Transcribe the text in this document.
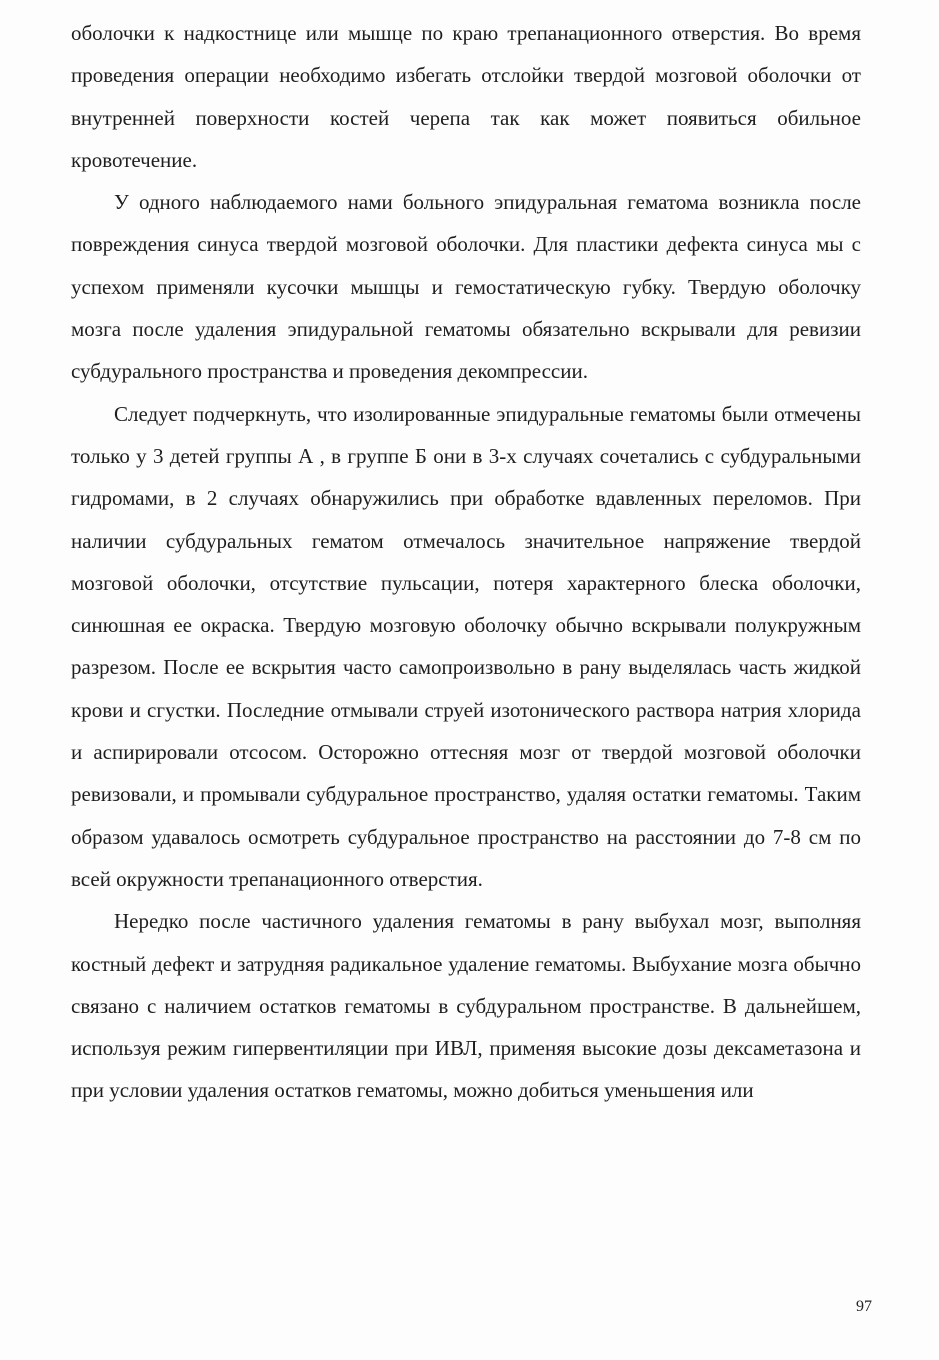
оболочки к надкостнице или мышце по краю трепанационного отверстия. Во время проведения операции необходимо избегать отслойки твердой мозговой оболочки от внутренней поверхности костей черепа так как может появиться обильное кровотечение.

У одного наблюдаемого нами больного эпидуральная гематома возникла после повреждения синуса твердой мозговой оболочки. Для пластики дефекта синуса мы с успехом применяли кусочки мышцы и гемостатическую губку. Твердую оболочку мозга после удаления эпидуральной гематомы обязательно вскрывали для ревизии субдурального пространства и проведения декомпрессии.

Следует подчеркнуть, что изолированные эпидуральные гематомы были отмечены только у 3 детей группы А , в группе Б они в 3-х случаях сочетались с субдуральными гидромами, в 2 случаях обнаружились при обработке вдавленных переломов. При наличии субдуральных гематом отмечалось значительное напряжение твердой мозговой оболочки, отсутствие пульсации, потеря характерного блеска оболочки, синюшная ее окраска. Твердую мозговую оболочку обычно вскрывали полукружным разрезом. После ее вскрытия часто самопроизвольно в рану выделялась часть жидкой крови и сгустки. Последние отмывали струей изотонического раствора натрия хлорида и аспирировали отсосом. Осторожно оттесняя мозг от твердой мозговой оболочки ревизовали, и промывали субдуральное пространство, удаляя остатки гематомы. Таким образом удавалось осмотреть субдуральное пространство на расстоянии до 7-8 см по всей окружности трепанационного отверстия.

Нередко после частичного удаления гематомы в рану выбухал мозг, выполняя костный дефект и затрудняя радикальное удаление гематомы. Выбухание мозга обычно связано с наличием остатков гематомы в субдуральном пространстве. В дальнейшем, используя режим гипервентиляции при ИВЛ, применяя высокие дозы дексаметазона и при условии удаления остатков гематомы, можно добиться уменьшения или

97
